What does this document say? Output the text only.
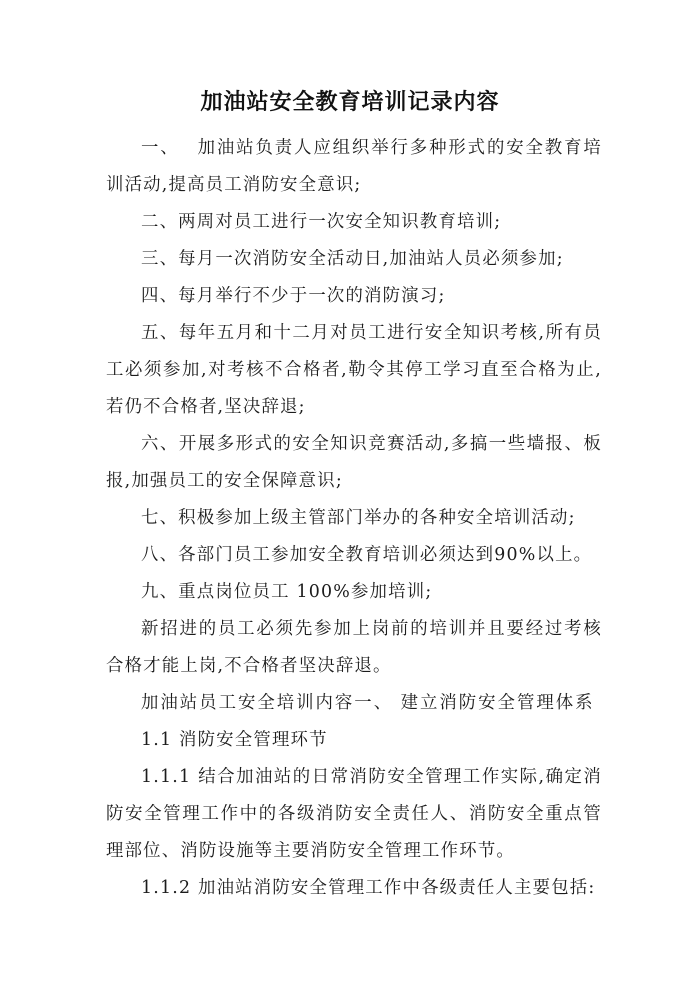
加油站安全教育培训记录内容

一、　 加油站负责人应组织举行多种形式的安全教育培训活动,提高员工消防安全意识;

二、两周对员工进行一次安全知识教育培训;

三、每月一次消防安全活动日,加油站人员必须参加;

四、每月举行不少于一次的消防演习;

五、每年五月和十二月对员工进行安全知识考核,所有员工必须参加,对考核不合格者,勒令其停工学习直至合格为止,若仍不合格者,坚决辞退;

六、开展多形式的安全知识竞赛活动,多搞一些墙报、板报,加强员工的安全保障意识;

七、积极参加上级主管部门举办的各种安全培训活动;

八、各部门员工参加安全教育培训必须达到90%以上。

九、重点岗位员工 100%参加培训;

新招进的员工必须先参加上岗前的培训并且要经过考核合格才能上岗,不合格者坚决辞退。

加油站员工安全培训内容一、 建立消防安全管理体系

1.1 消防安全管理环节

1.1.1 结合加油站的日常消防安全管理工作实际,确定消防安全管理工作中的各级消防安全责任人、消防安全重点管理部位、消防设施等主要消防安全管理工作环节。

1.1.2 加油站消防安全管理工作中各级责任人主要包括:
